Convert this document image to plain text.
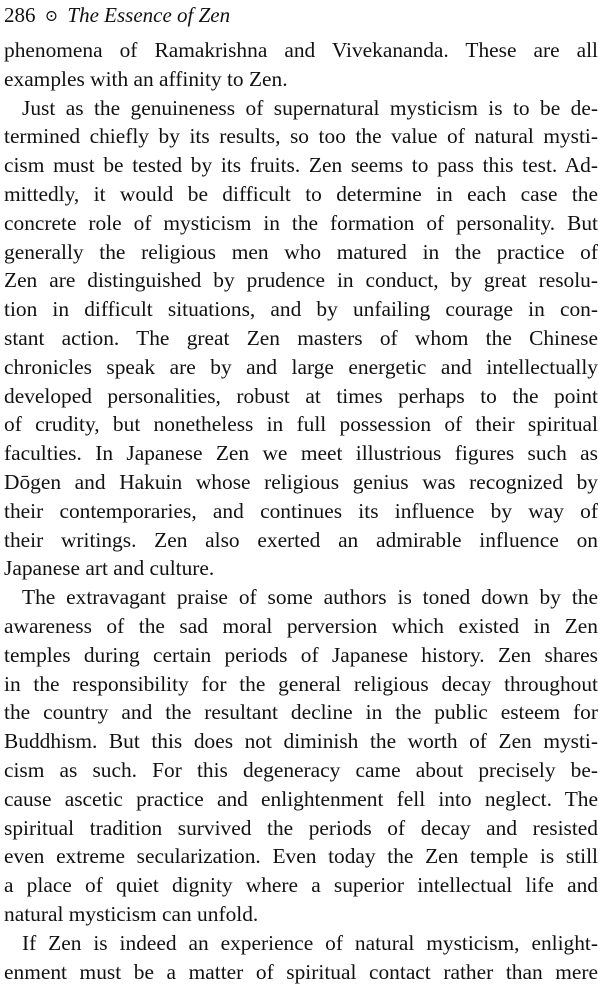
286 ⊙ The Essence of Zen

phenomena of Ramakrishna and Vivekananda. These are all
examples with an affinity to Zen.

Just as the genuineness of supernatural mysticism is to be de-
termined chiefly by its results, so too the value of natural mysti-
cism must be tested by its fruits. Zen seems to pass this test. Ad-
mittedly, it would be difficult to determine in each case the
concrete role of mysticism in the formation of personality. But
generally the religious men who matured in the practice of
Zen are distinguished by prudence in conduct, by great resolu-
tion in difficult situations, and by unfailing courage in con-
stant action. The great Zen masters of whom the Chinese
chronicles speak are by and large energetic and intellectually
developed personalities, robust at times perhaps to the point
of crudity, but nonetheless in full possession of their spiritual
faculties. In Japanese Zen we meet illustrious figures such as
Dōgen and Hakuin whose religious genius was recognized by
their contemporaries, and continues its influence by way of
their writings. Zen also exerted an admirable influence on
Japanese art and culture.

The extravagant praise of some authors is toned down by the
awareness of the sad moral perversion which existed in Zen
temples during certain periods of Japanese history. Zen shares
in the responsibility for the general religious decay throughout
the country and the resultant decline in the public esteem for
Buddhism. But this does not diminish the worth of Zen mysti-
cism as such. For this degeneracy came about precisely be-
cause ascetic practice and enlightenment fell into neglect. The
spiritual tradition survived the periods of decay and resisted
even extreme secularization. Even today the Zen temple is still
a place of quiet dignity where a superior intellectual life and
natural mysticism can unfold.

If Zen is indeed an experience of natural mysticism, enlight-
enment must be a matter of spiritual contact rather than mere
